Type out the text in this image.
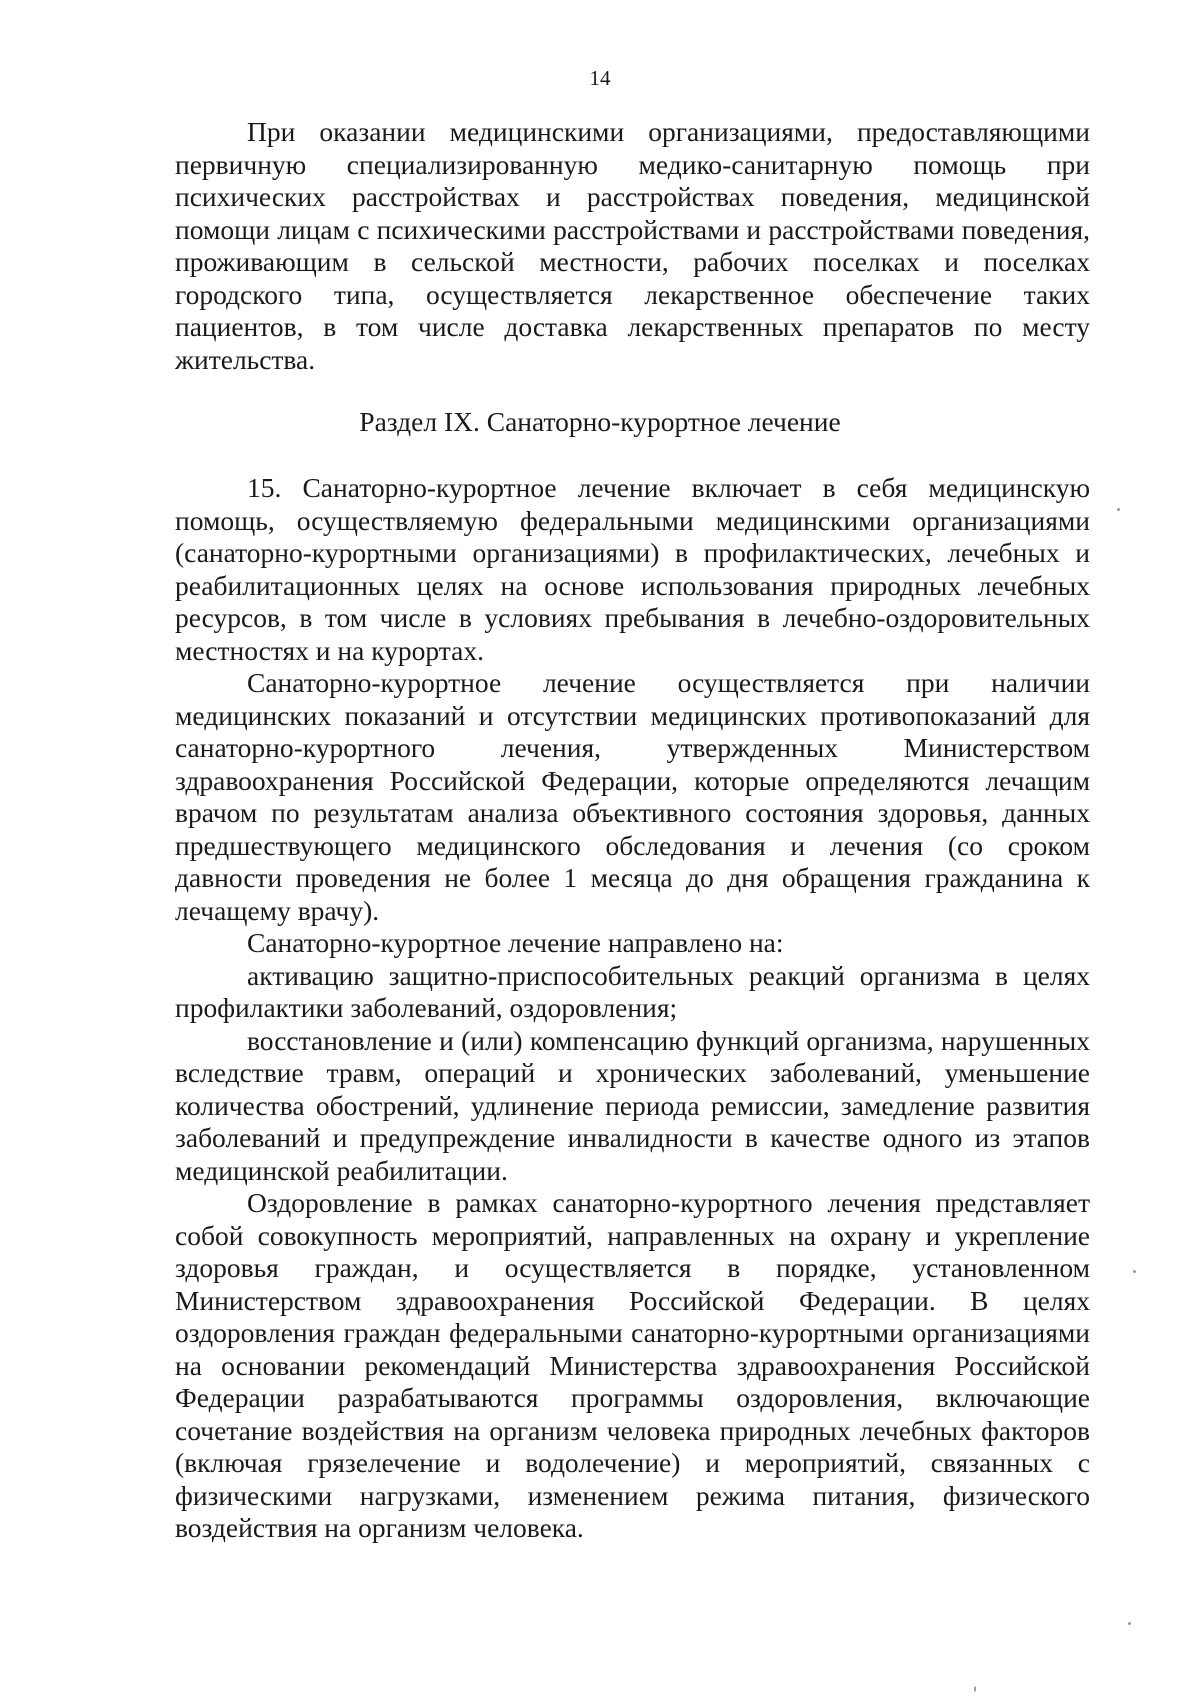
14

При оказании медицинскими организациями, предоставляющими первичную специализированную медико-санитарную помощь при психических расстройствах и расстройствах поведения, медицинской помощи лицам с психическими расстройствами и расстройствами поведения, проживающим в сельской местности, рабочих поселках и поселках городского типа, осуществляется лекарственное обеспечение таких пациентов, в том числе доставка лекарственных препаратов по месту жительства.

Раздел IX. Санаторно-курортное лечение

15. Санаторно-курортное лечение включает в себя медицинскую помощь, осуществляемую федеральными медицинскими организациями (санаторно-курортными организациями) в профилактических, лечебных и реабилитационных целях на основе использования природных лечебных ресурсов, в том числе в условиях пребывания в лечебно-оздоровительных местностях и на курортах.

Санаторно-курортное лечение осуществляется при наличии медицинских показаний и отсутствии медицинских противопоказаний для санаторно-курортного лечения, утвержденных Министерством здравоохранения Российской Федерации, которые определяются лечащим врачом по результатам анализа объективного состояния здоровья, данных предшествующего медицинского обследования и лечения (со сроком давности проведения не более 1 месяца до дня обращения гражданина к лечащему врачу).

Санаторно-курортное лечение направлено на:

активацию защитно-приспособительных реакций организма в целях профилактики заболеваний, оздоровления;

восстановление и (или) компенсацию функций организма, нарушенных вследствие травм, операций и хронических заболеваний, уменьшение количества обострений, удлинение периода ремиссии, замедление развития заболеваний и предупреждение инвалидности в качестве одного из этапов медицинской реабилитации.

Оздоровление в рамках санаторно-курортного лечения представляет собой совокупность мероприятий, направленных на охрану и укрепление здоровья граждан, и осуществляется в порядке, установленном Министерством здравоохранения Российской Федерации. В целях оздоровления граждан федеральными санаторно-курортными организациями на основании рекомендаций Министерства здравоохранения Российской Федерации разрабатываются программы оздоровления, включающие сочетание воздействия на организм человека природных лечебных факторов (включая грязелечение и водолечение) и мероприятий, связанных с физическими нагрузками, изменением режима питания, физического воздействия на организм человека.
